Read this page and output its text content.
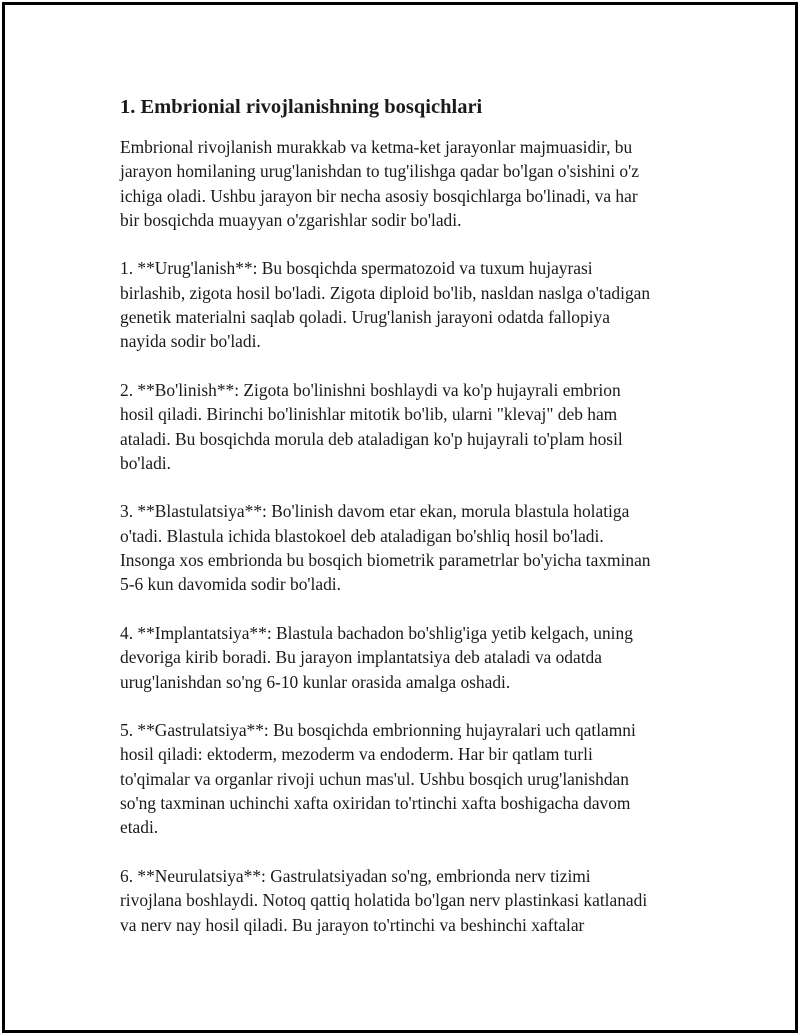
1. Embrionial rivojlanishning bosqichlari

Embrional rivojlanish murakkab va ketma-ket jarayonlar majmuasidir, bu
jarayon homilaning urug'lanishdan to tug'ilishga qadar bo'lgan o'sishini o'z
ichiga oladi. Ushbu jarayon bir necha asosiy bosqichlarga bo'linadi, va har
bir bosqichda muayyan o'zgarishlar sodir bo'ladi.

1. **Urug'lanish**: Bu bosqichda spermatozoid va tuxum hujayrasi
birlashib, zigota hosil bo'ladi. Zigota diploid bo'lib, nasldan naslga o'tadigan
genetik materialni saqlab qoladi. Urug'lanish jarayoni odatda fallopiya
nayida sodir bo'ladi.

2. **Bo'linish**: Zigota bo'linishni boshlaydi va ko'p hujayrali embrion
hosil qiladi. Birinchi bo'linishlar mitotik bo'lib, ularni "klevaj" deb ham
ataladi. Bu bosqichda morula deb ataladigan ko'p hujayrali to'plam hosil
bo'ladi.

3. **Blastulatsiya**: Bo'linish davom etar ekan, morula blastula holatiga
o'tadi. Blastula ichida blastokoel deb ataladigan bo'shliq hosil bo'ladi.
Insonga xos embrionda bu bosqich biometrik parametrlar bo'yicha taxminan
5-6 kun davomida sodir bo'ladi.

4. **Implantatsiya**: Blastula bachadon bo'shlig'iga yetib kelgach, uning
devoriga kirib boradi. Bu jarayon implantatsiya deb ataladi va odatda
urug'lanishdan so'ng 6-10 kunlar orasida amalga oshadi.

5. **Gastrulatsiya**: Bu bosqichda embrionning hujayralari uch qatlamni
hosil qiladi: ektoderm, mezoderm va endoderm. Har bir qatlam turli
to'qimalar va organlar rivoji uchun mas'ul. Ushbu bosqich urug'lanishdan
so'ng taxminan uchinchi xafta oxiridan to'rtinchi xafta boshigacha davom
etadi.

6. **Neurulatsiya**: Gastrulatsiyadan so'ng, embrionda nerv tizimi
rivojlana boshlaydi. Notoq qattiq holatida bo'lgan nerv plastinkasi katlanadi
va nerv nay hosil qiladi. Bu jarayon to'rtinchi va beshinchi xaftalar
